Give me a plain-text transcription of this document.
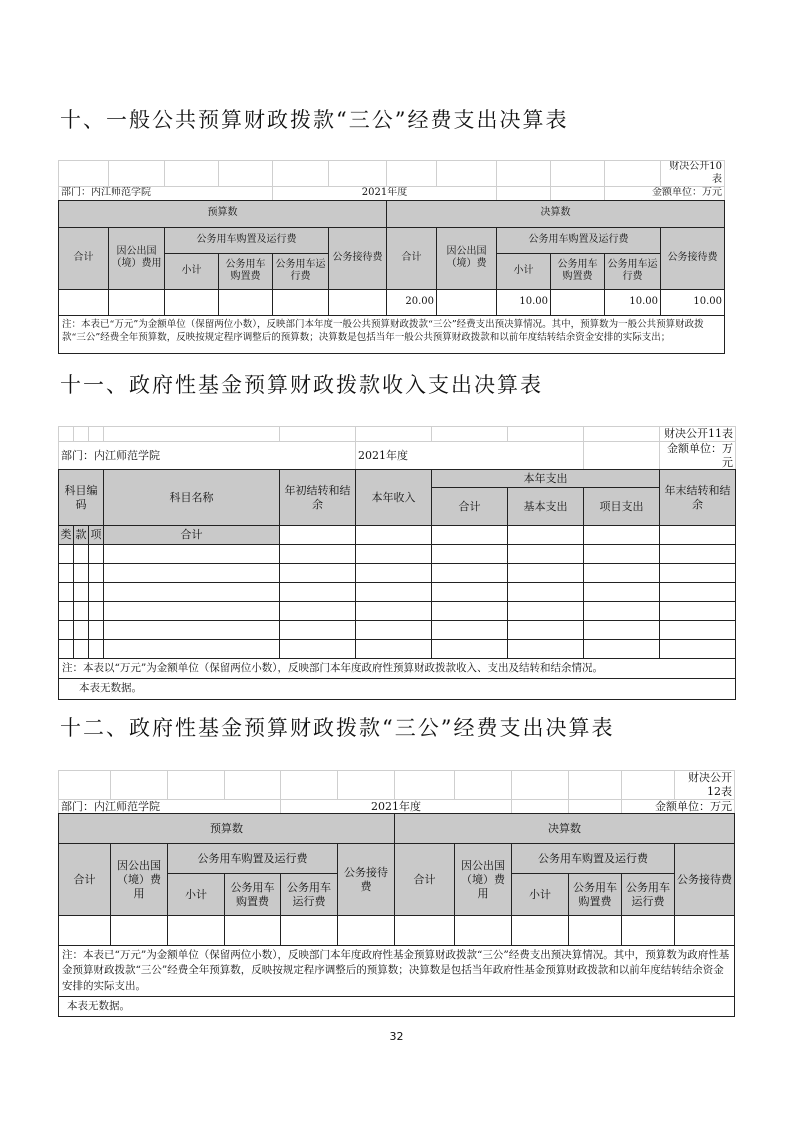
十、一般公共预算财政拨款“三公”经费支出决算表
											财决公开10表
部门：内江师范学院				2021年度						金额单位：万元	
预算数						决算数					
合计	因公出国（境）费用	公务用车购置及运行费			公务接待费	合计	因公出国（境）费	公务用车购置及运行费			公务接待费
		小计	公务用车购置费	公务用车运行费				小计	公务用车购置费	公务用车运行费	
						20.00		10.00		10.00	10.00
注：本表已“万元”为金额单位（保留两位小数），反映部门本年度一般公共预算财政拨款“三公”经费支出预决算情况。其中，预算数为一般公共预算财政拨款“三公”经费全年预算数，反映按规定程序调整后的预算数；决算数是包括当年一般公共预算财政拨款和以前年度结转结余资金安排的实际支出；											
十一、政府性基金预算财政拨款收入支出决算表
									财决公开11表
部门：内江师范学院					2021年度				金额单位：万元
科目编码			科目名称	年初结转和结余	本年收入	本年支出			年末结转和结余
						合计	基本支出	项目支出	
类	款	项	合计						

注：本表以“万元”为金额单位（保留两位小数），反映部门本年度政府性预算财政拨款收入、支出及结转和结余情况。									
本表无数据。									
十二、政府性基金预算财政拨款“三公”经费支出决算表
											财决公开12表
部门：内江师范学院				2021年度						金额单位：万元	
预算数						决算数					
合计	因公出国（境）费用	公务用车购置及运行费			公务接待费	合计	因公出国（境）费用	公务用车购置及运行费			公务接待费
		小计	公务用车购置费	公务用车运行费				小计	公务用车购置费	公务用车运行费	

注：本表已“万元”为金额单位（保留两位小数），反映部门本年度政府性基金预算财政拨款“三公”经费支出预决算情况。其中，预算数为政府性基金预算财政拨款“三公”经费全年预算数，反映按规定程序调整后的预算数；决算数是包括当年政府性基金预算财政拨款和以前年度结转结余资金安排的实际支出。											
本表无数据。											
32
